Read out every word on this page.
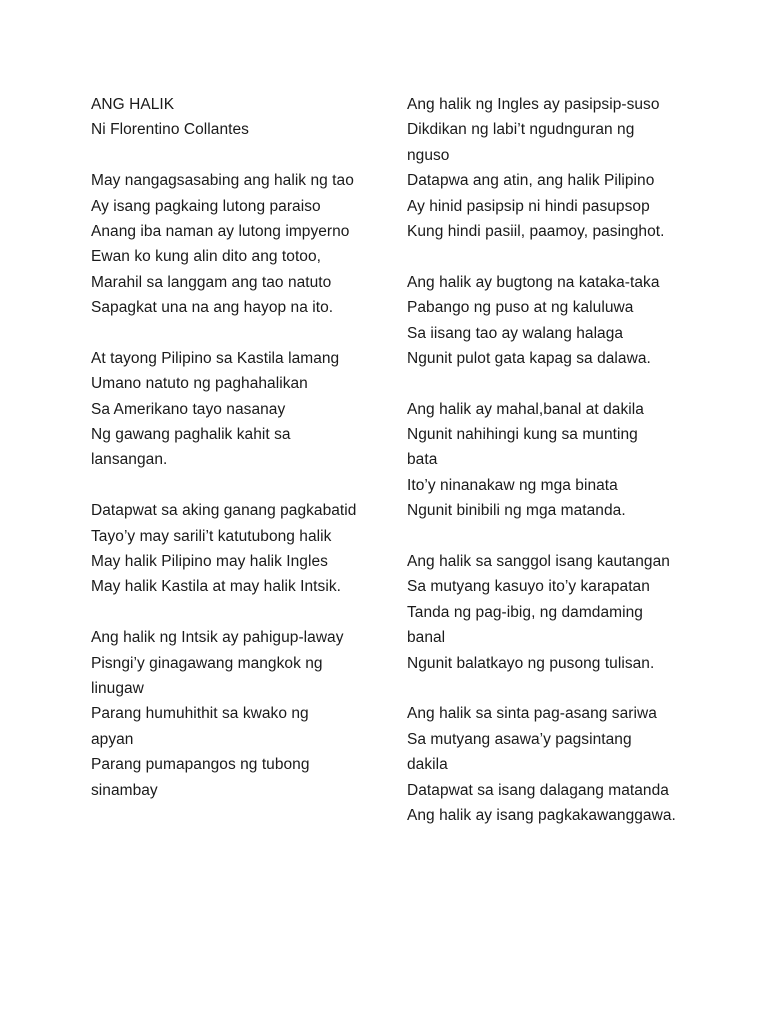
ANG HALIK
Ni Florentino Collantes
May nangagsasabing ang halik ng tao
Ay isang pagkaing lutong paraiso
Anang iba naman ay lutong impyerno
Ewan ko kung alin dito ang totoo,
Marahil sa langgam ang tao natuto
Sapagkat una na ang hayop na ito.
At tayong Pilipino sa Kastila lamang
Umano natuto ng paghahalikan
Sa Amerikano tayo nasanay
Ng gawang paghalik kahit sa
lansangan.
Datapwat sa aking ganang pagkabatid
Tayo’y may sarili’t katutubong halik
May halik Pilipino may halik Ingles
May halik Kastila at may halik Intsik.
Ang halik ng Intsik ay pahigup-laway
Pisngi’y ginagawang mangkok ng
linugaw
Parang humuhithit sa kwako ng
apyan
Parang pumapangos ng tubong
sinambay
Ang halik ng Ingles ay pasipsip-suso
Dikdikan ng labi’t ngudnguran ng
nguso
Datapwa ang atin, ang halik Pilipino
Ay hinid pasipsip ni hindi pasupsop
Kung hindi pasiil, paamoy, pasinghot.
Ang halik ay bugtong na kataka-taka
Pabango ng puso at ng kaluluwa
Sa iisang tao ay walang halaga
Ngunit pulot gata kapag sa dalawa.
Ang halik ay mahal,banal at dakila
Ngunit nahihingi kung sa munting
bata
Ito’y ninanakaw ng mga binata
Ngunit binibili ng mga matanda.
Ang halik sa sanggol isang kautangan
Sa mutyang kasuyo ito’y karapatan
Tanda ng pag-ibig, ng damdaming
banal
Ngunit balatkayo ng pusong tulisan.
Ang halik sa sinta pag-asang sariwa
Sa mutyang asawa’y pagsintang
dakila
Datapwat sa isang dalagang matanda
Ang halik ay isang pagkakawanggawa.
